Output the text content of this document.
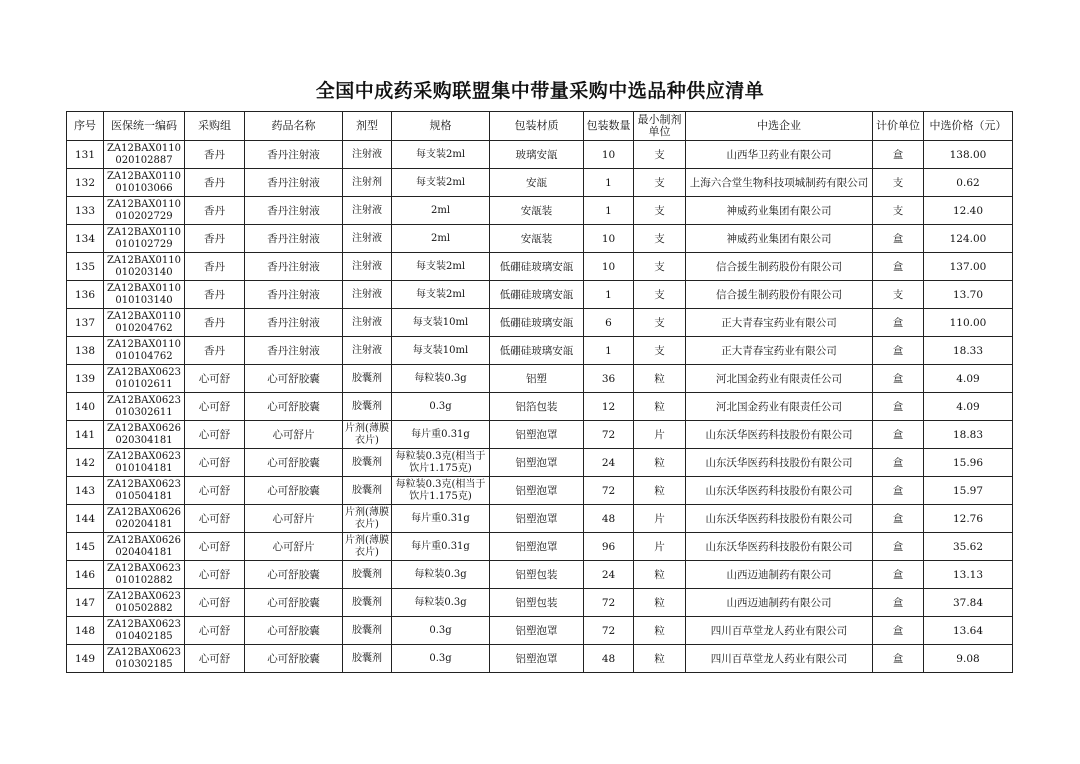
全国中成药采购联盟集中带量采购中选品种供应清单
序号	医保统一编码	采购组	药品名称	剂型	规格	包装材质	包装数量	最小制剂单位	中选企业	计价单位	中选价格（元）
131	ZA12BAX0110020102887	香丹	香丹注射液	注射液	每支装2ml	玻璃安瓿	10	支	山西华卫药业有限公司	盒	138.00
132	ZA12BAX0110010103066	香丹	香丹注射液	注射剂	每支装2ml	安瓿	1	支	上海六合堂生物科技项城制药有限公司	支	0.62
133	ZA12BAX0110010202729	香丹	香丹注射液	注射液	2ml	安瓿装	1	支	神威药业集团有限公司	支	12.40
134	ZA12BAX0110010102729	香丹	香丹注射液	注射液	2ml	安瓿装	10	支	神威药业集团有限公司	盒	124.00
135	ZA12BAX0110010203140	香丹	香丹注射液	注射液	每支装2ml	低硼硅玻璃安瓿	10	支	信合援生制药股份有限公司	盒	137.00
136	ZA12BAX0110010103140	香丹	香丹注射液	注射液	每支装2ml	低硼硅玻璃安瓿	1	支	信合援生制药股份有限公司	支	13.70
137	ZA12BAX0110010204762	香丹	香丹注射液	注射液	每支装10ml	低硼硅玻璃安瓿	6	支	正大青春宝药业有限公司	盒	110.00
138	ZA12BAX0110010104762	香丹	香丹注射液	注射液	每支装10ml	低硼硅玻璃安瓿	1	支	正大青春宝药业有限公司	盒	18.33
139	ZA12BAX0623010102611	心可舒	心可舒胶囊	胶囊剂	每粒装0.3g	铝塑	36	粒	河北国金药业有限责任公司	盒	4.09
140	ZA12BAX0623010302611	心可舒	心可舒胶囊	胶囊剂	0.3g	铝箔包装	12	粒	河北国金药业有限责任公司	盒	4.09
141	ZA12BAX0626020304181	心可舒	心可舒片	片剂(薄膜衣片)	每片重0.31g	铝塑泡罩	72	片	山东沃华医药科技股份有限公司	盒	18.83
142	ZA12BAX0623010104181	心可舒	心可舒胶囊	胶囊剂	每粒装0.3克(相当于饮片1.175克)	铝塑泡罩	24	粒	山东沃华医药科技股份有限公司	盒	15.96
143	ZA12BAX0623010504181	心可舒	心可舒胶囊	胶囊剂	每粒装0.3克(相当于饮片1.175克)	铝塑泡罩	72	粒	山东沃华医药科技股份有限公司	盒	15.97
144	ZA12BAX0626020204181	心可舒	心可舒片	片剂(薄膜衣片)	每片重0.31g	铝塑泡罩	48	片	山东沃华医药科技股份有限公司	盒	12.76
145	ZA12BAX0626020404181	心可舒	心可舒片	片剂(薄膜衣片)	每片重0.31g	铝塑泡罩	96	片	山东沃华医药科技股份有限公司	盒	35.62
146	ZA12BAX0623010102882	心可舒	心可舒胶囊	胶囊剂	每粒装0.3g	铝塑包装	24	粒	山西迈迪制药有限公司	盒	13.13
147	ZA12BAX0623010502882	心可舒	心可舒胶囊	胶囊剂	每粒装0.3g	铝塑包装	72	粒	山西迈迪制药有限公司	盒	37.84
148	ZA12BAX0623010402185	心可舒	心可舒胶囊	胶囊剂	0.3g	铝塑泡罩	72	粒	四川百草堂龙人药业有限公司	盒	13.64
149	ZA12BAX0623010302185	心可舒	心可舒胶囊	胶囊剂	0.3g	铝塑泡罩	48	粒	四川百草堂龙人药业有限公司	盒	9.08
